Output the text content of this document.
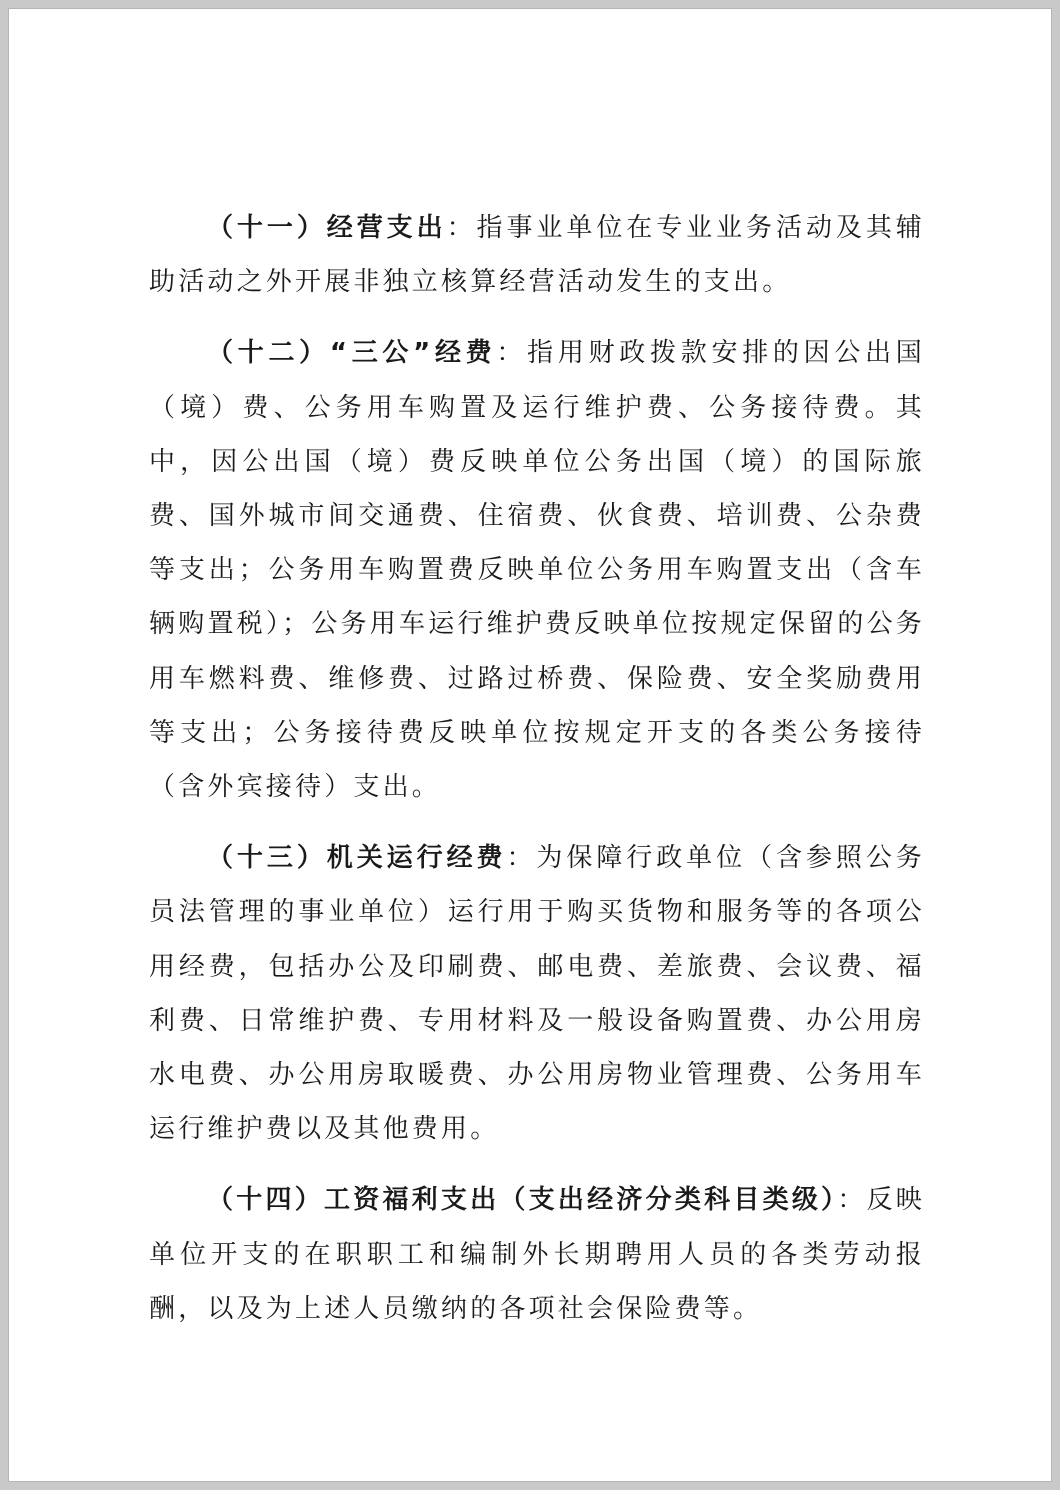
（十一）经营支出：指事业单位在专业业务活动及其辅助活动之外开展非独立核算经营活动发生的支出。

（十二）“三公”经费：指用财政拨款安排的因公出国（境）费、公务用车购置及运行维护费、公务接待费。其中，因公出国（境）费反映单位公务出国（境）的国际旅费、国外城市间交通费、住宿费、伙食费、培训费、公杂费等支出；公务用车购置费反映单位公务用车购置支出（含车辆购置税）；公务用车运行维护费反映单位按规定保留的公务用车燃料费、维修费、过路过桥费、保险费、安全奖励费用等支出；公务接待费反映单位按规定开支的各类公务接待（含外宾接待）支出。

（十三）机关运行经费：为保障行政单位（含参照公务员法管理的事业单位）运行用于购买货物和服务等的各项公用经费，包括办公及印刷费、邮电费、差旅费、会议费、福利费、日常维护费、专用材料及一般设备购置费、办公用房水电费、办公用房取暖费、办公用房物业管理费、公务用车运行维护费以及其他费用。

（十四）工资福利支出（支出经济分类科目类级）：反映单位开支的在职职工和编制外长期聘用人员的各类劳动报酬，以及为上述人员缴纳的各项社会保险费等。
